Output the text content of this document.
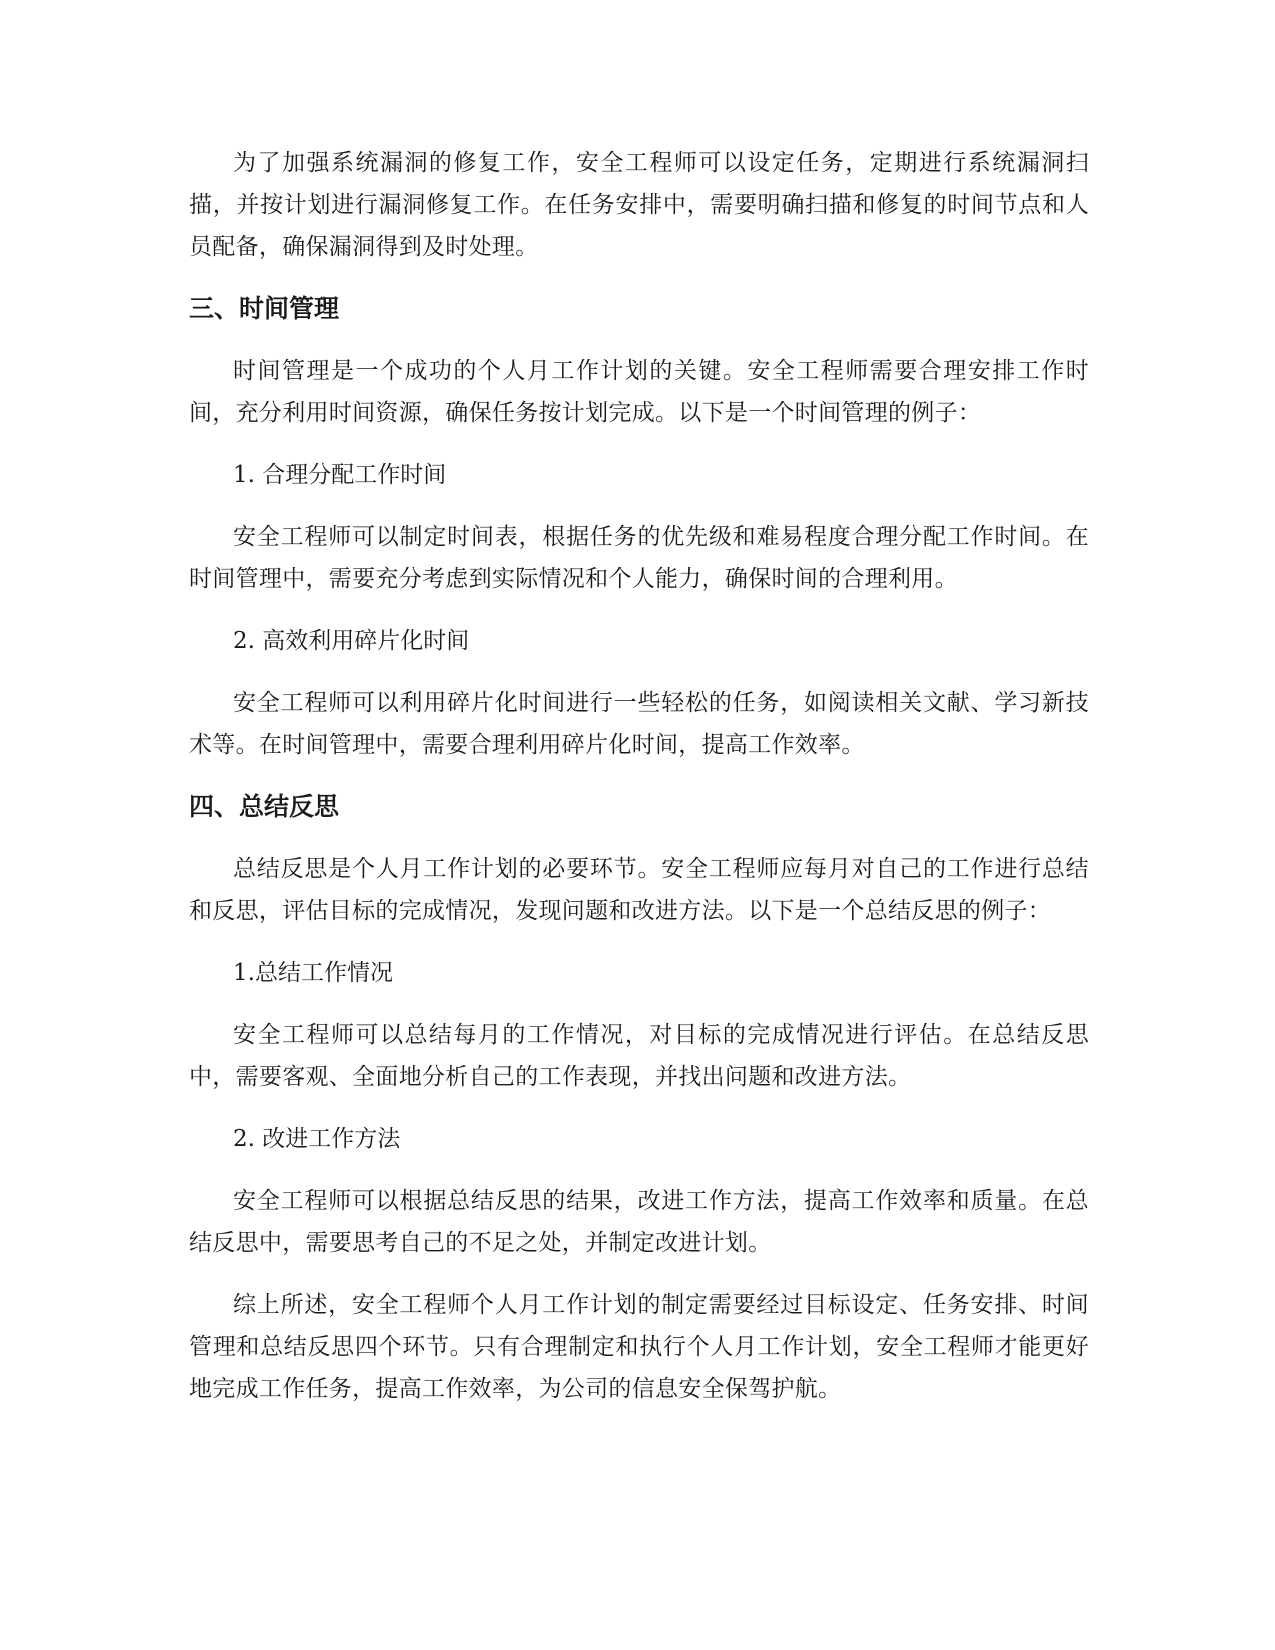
为了加强系统漏洞的修复工作，安全工程师可以设定任务，定期进行系统漏洞扫描，并按计划进行漏洞修复工作。在任务安排中，需要明确扫描和修复的时间节点和人员配备，确保漏洞得到及时处理。

三、时间管理

时间管理是一个成功的个人月工作计划的关键。安全工程师需要合理安排工作时间，充分利用时间资源，确保任务按计划完成。以下是一个时间管理的例子：

1. 合理分配工作时间

安全工程师可以制定时间表，根据任务的优先级和难易程度合理分配工作时间。在时间管理中，需要充分考虑到实际情况和个人能力，确保时间的合理利用。

2. 高效利用碎片化时间

安全工程师可以利用碎片化时间进行一些轻松的任务，如阅读相关文献、学习新技术等。在时间管理中，需要合理利用碎片化时间，提高工作效率。

四、总结反思

总结反思是个人月工作计划的必要环节。安全工程师应每月对自己的工作进行总结和反思，评估目标的完成情况，发现问题和改进方法。以下是一个总结反思的例子：

1.总结工作情况

安全工程师可以总结每月的工作情况，对目标的完成情况进行评估。在总结反思中，需要客观、全面地分析自己的工作表现，并找出问题和改进方法。

2. 改进工作方法

安全工程师可以根据总结反思的结果，改进工作方法，提高工作效率和质量。在总结反思中，需要思考自己的不足之处，并制定改进计划。

综上所述，安全工程师个人月工作计划的制定需要经过目标设定、任务安排、时间管理和总结反思四个环节。只有合理制定和执行个人月工作计划，安全工程师才能更好地完成工作任务，提高工作效率，为公司的信息安全保驾护航。
